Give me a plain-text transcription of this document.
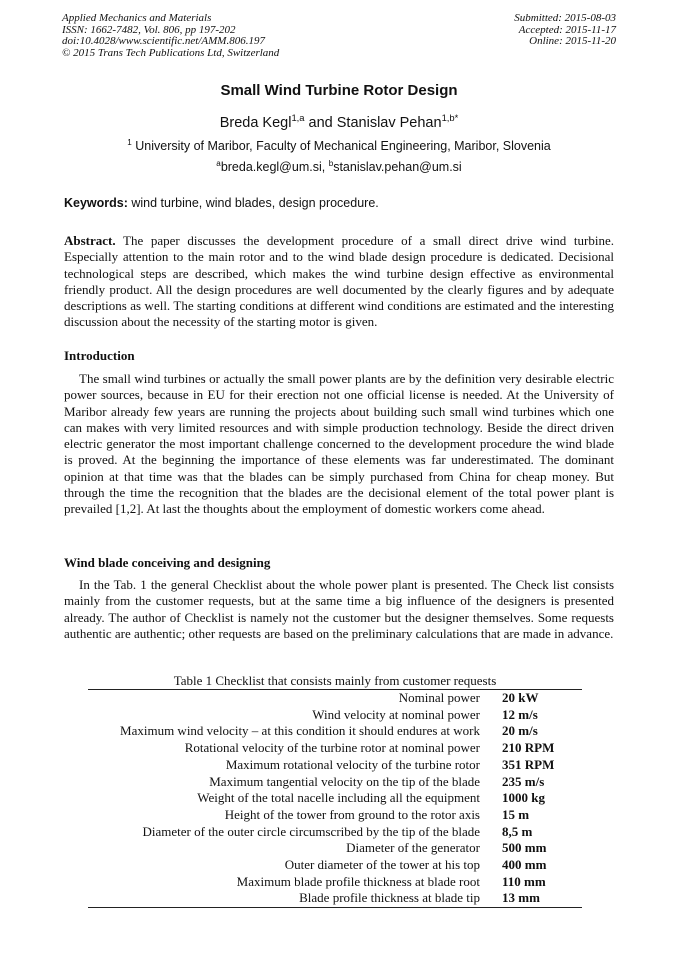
Applied Mechanics and Materials
ISSN: 1662-7482, Vol. 806, pp 197-202
doi:10.4028/www.scientific.net/AMM.806.197
© 2015 Trans Tech Publications Ltd, Switzerland
Submitted: 2015-08-03
Accepted: 2015-11-17
Online: 2015-11-20
Small Wind Turbine Rotor Design
Breda Kegl$^{1,a}$ and Stanislav Pehan$^{1,b*}$
$^1$ University of Maribor, Faculty of Mechanical Engineering, Maribor, Slovenia
$^a$breda.kegl@um.si, $^b$stanislav.pehan@um.si
Keywords: wind turbine, wind blades, design procedure.

Abstract. The paper discusses the development procedure of a small direct drive wind turbine. Especially attention to the main rotor and to the wind blade design procedure is dedicated. Decisional technological steps are described, which makes the wind turbine design effective as environmental friendly product. All the design procedures are well documented by the clearly figures and by adequate descriptions as well. The starting conditions at different wind conditions are estimated and the interesting discussion about the necessity of the starting motor is given.

Introduction

The small wind turbines or actually the small power plants are by the definition very desirable electric power sources, because in EU for their erection not one official license is needed. At the University of Maribor already few years are running the projects about building such small wind turbines which one can makes with very limited resources and with simple production technology. Beside the direct driven electric generator the most important challenge concerned to the development procedure the wind blade is proved. At the beginning the importance of these elements was far underestimated. The dominant opinion at that time was that the blades can be simply purchased from China for cheap money. But through the time the recognition that the blades are the decisional element of the total power plant is prevailed [1,2]. At last the thoughts about the employment of domestic workers come ahead.

Wind blade conceiving and designing

In the Tab. 1 the general Checklist about the whole power plant is presented. The Check list consists mainly from the customer requests, but at the same time a big influence of the designers is presented already. The author of Checklist is namely not the customer but the designer themselves. Some requests authentic are authentic; other requests are based on the preliminary calculations that are made in advance.

Table 1 Checklist that consists mainly from customer requests
Nominal power	20 kW
Wind velocity at nominal power	12 m/s
Maximum wind velocity – at this condition it should endures at work	20 m/s
Rotational velocity of the turbine rotor at nominal power	210 RPM
Maximum rotational velocity of the turbine rotor	351 RPM
Maximum tangential velocity on the tip of the blade	235 m/s
Weight of the total nacelle including all the equipment	1000 kg
Height of the tower from ground to the rotor axis	15 m
Diameter of the outer circle circumscribed by the tip of the blade	8,5 m
Diameter of the generator	500 mm
Outer diameter of the tower at his top	400 mm
Maximum blade profile thickness at blade root	110 mm
Blade profile thickness at blade tip	13 mm
